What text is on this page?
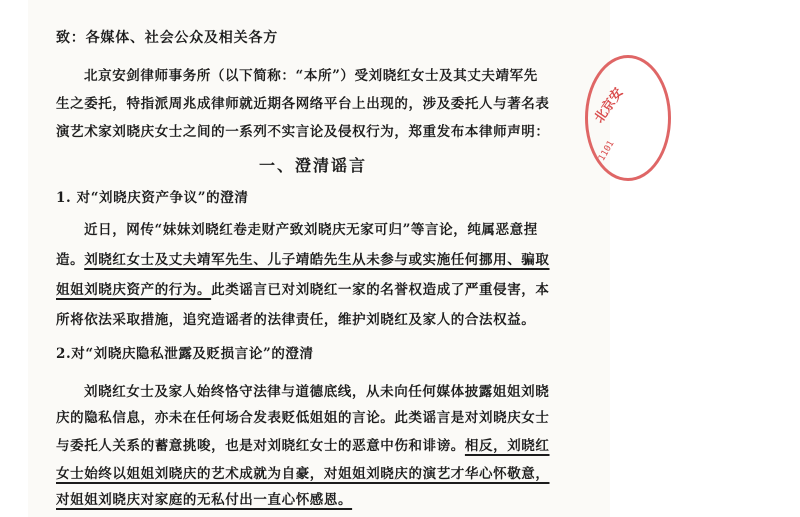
致：各媒体、社会公众及相关各方
北京安剑律师事务所（以下简称：“本所”）受刘晓红女士及其丈夫靖军先
生之委托，特指派周兆成律师就近期各网络平台上出现的，涉及委托人与著名表
演艺术家刘晓庆女士之间的一系列不实言论及侵权行为，郑重发布本律师声明：
一、澄清谣言
1. 对“刘晓庆资产争议”的澄清
近日，网传“妹妹刘晓红卷走财产致刘晓庆无家可归”等言论，纯属恶意捏
造。刘晓红女士及丈夫靖军先生、儿子靖皓先生从未参与或实施任何挪用、骗取
姐姐刘晓庆资产的行为。此类谣言已对刘晓红一家的名誉权造成了严重侵害，本
所将依法采取措施，追究造谣者的法律责任，维护刘晓红及家人的合法权益。
2.对“刘晓庆隐私泄露及贬损言论”的澄清
刘晓红女士及家人始终恪守法律与道德底线，从未向任何媒体披露姐姐刘晓
庆的隐私信息，亦未在任何场合发表贬低姐姐的言论。此类谣言是对刘晓庆女士
与委托人关系的蓄意挑唆，也是对刘晓红女士的恶意中伤和诽谤。相反，刘晓红
女士始终以姐姐刘晓庆的艺术成就为自豪，对姐姐刘晓庆的演艺才华心怀敬意，
对姐姐刘晓庆对家庭的无私付出一直心怀感恩。
北京安
1101
